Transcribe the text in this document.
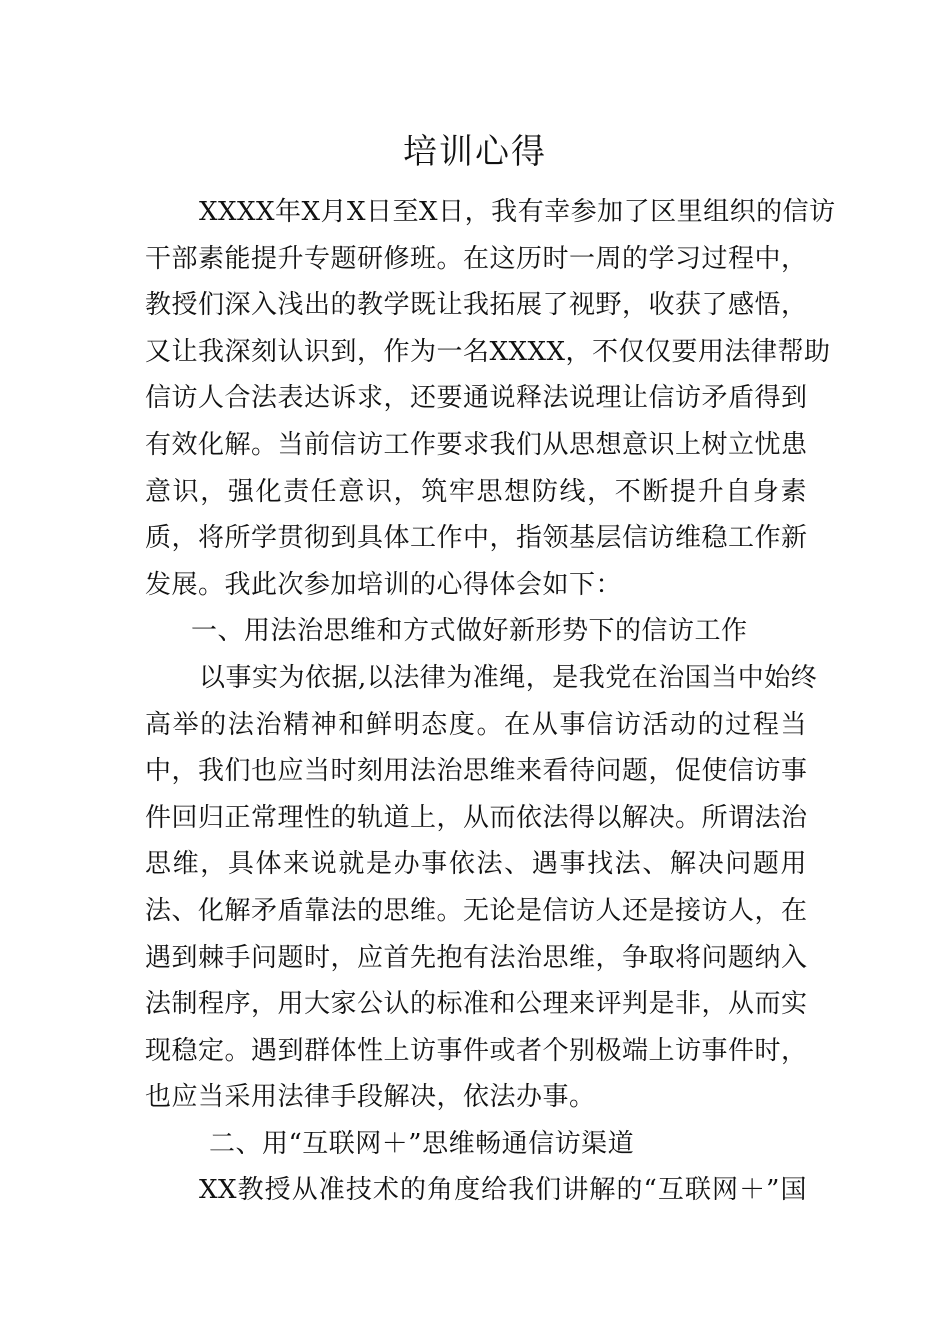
培训心得
XXXX年X月X日至X日，我有幸参加了区里组织的信访
干部素能提升专题研修班。在这历时一周的学习过程中，
教授们深入浅出的教学既让我拓展了视野，收获了感悟，
又让我深刻认识到，作为一名XXXX，不仅仅要用法律帮助
信访人合法表达诉求，还要通说释法说理让信访矛盾得到
有效化解。当前信访工作要求我们从思想意识上树立忧患
意识，强化责任意识，筑牢思想防线，不断提升自身素
质，将所学贯彻到具体工作中，指领基层信访维稳工作新
发展。我此次参加培训的心得体会如下：
一、用法治思维和方式做好新形势下的信访工作
以事实为依据,以法律为准绳，是我党在治国当中始终
高举的法治精神和鲜明态度。在从事信访活动的过程当
中，我们也应当时刻用法治思维来看待问题，促使信访事
件回归正常理性的轨道上，从而依法得以解决。所谓法治
思维，具体来说就是办事依法、遇事找法、解决问题用
法、化解矛盾靠法的思维。无论是信访人还是接访人，在
遇到棘手问题时，应首先抱有法治思维，争取将问题纳入
法制程序，用大家公认的标准和公理来评判是非，从而实
现稳定。遇到群体性上访事件或者个别极端上访事件时，
也应当采用法律手段解决，依法办事。
二、用“互联网＋”思维畅通信访渠道
XX教授从准技术的角度给我们讲解的“互联网＋”国
